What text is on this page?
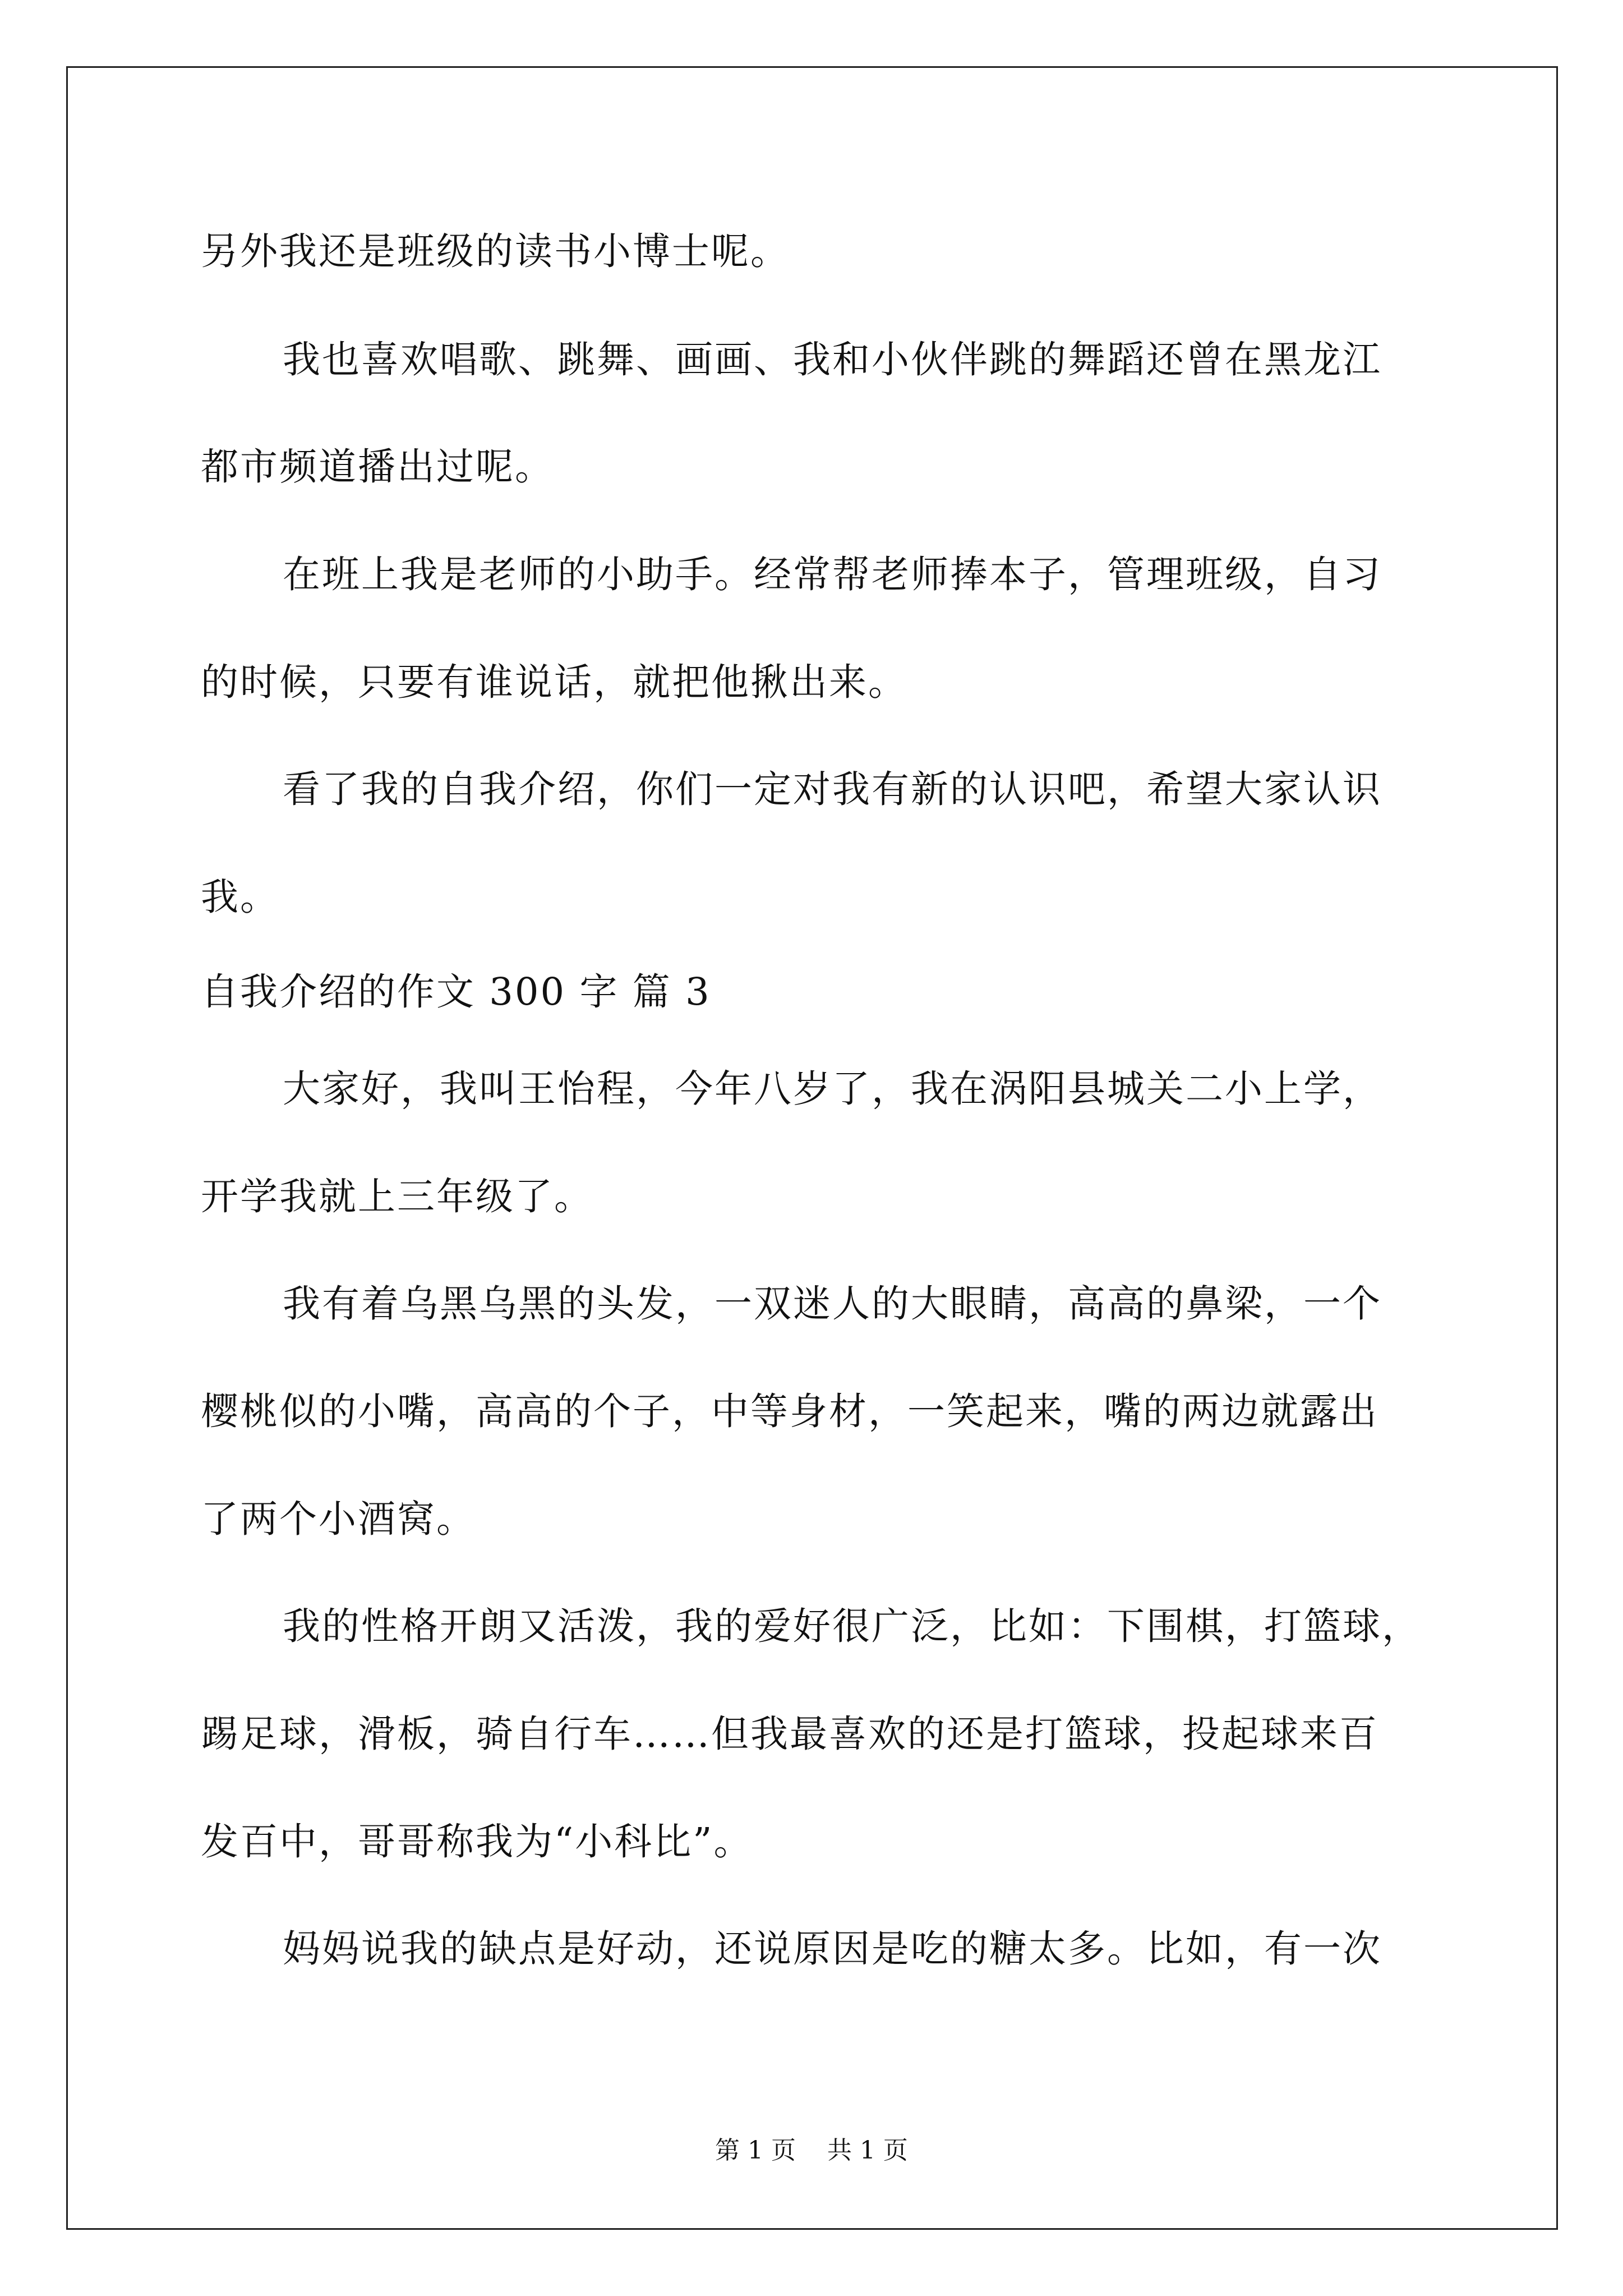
另外我还是班级的读书小博士呢。
我也喜欢唱歌、跳舞、画画、我和小伙伴跳的舞蹈还曾在黑龙江
都市频道播出过呢。
在班上我是老师的小助手。经常帮老师捧本子，管理班级，自习
的时候，只要有谁说话，就把他揪出来。
看了我的自我介绍，你们一定对我有新的认识吧，希望大家认识
我。
自我介绍的作文 300 字 篇 3
大家好，我叫王怡程，今年八岁了，我在涡阳县城关二小上学，
开学我就上三年级了。
我有着乌黑乌黑的头发，一双迷人的大眼睛，高高的鼻梁，一个
樱桃似的小嘴，高高的个子，中等身材，一笑起来，嘴的两边就露出
了两个小酒窝。
我的性格开朗又活泼，我的爱好很广泛，比如：下围棋，打篮球，
踢足球，滑板，骑自行车……但我最喜欢的还是打篮球，投起球来百
发百中，哥哥称我为“小科比”。
妈妈说我的缺点是好动，还说原因是吃的糖太多。比如，有一次
第 1 页    共 1 页
